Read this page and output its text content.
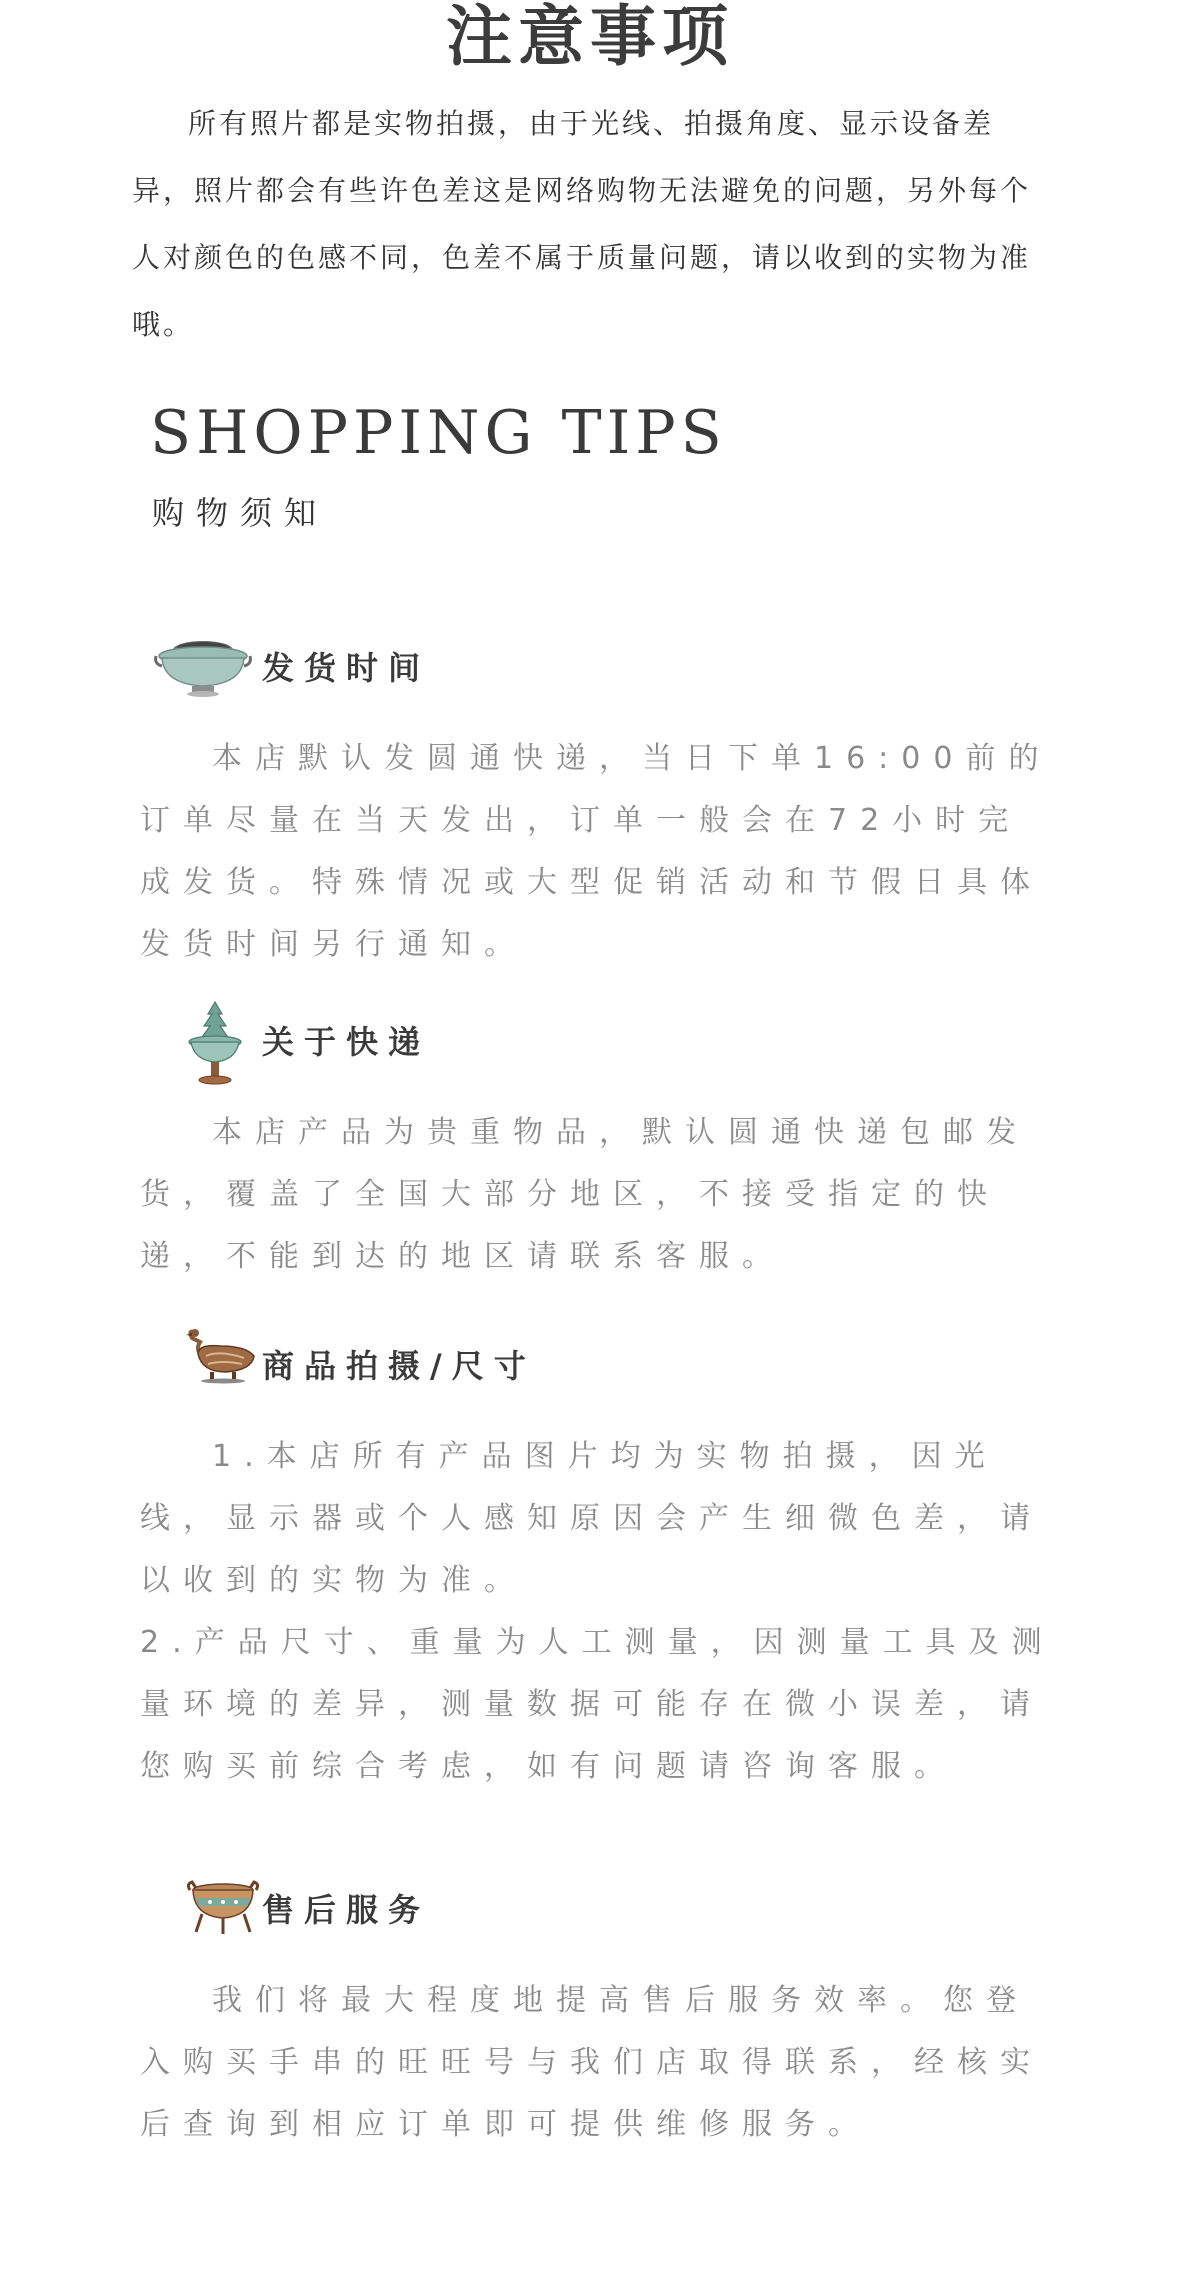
注意事项

所有照片都是实物拍摄，由于光线、拍摄角度、显示设备差异，照片都会有些许色差这是网络购物无法避免的问题，另外每个人对颜色的色感不同，色差不属于质量问题，请以收到的实物为准哦。

SHOPPING TIPS
购物须知
发货时间

本店默认发圆通快递，当日下单16:00前的订单尽量在当天发出，订单一般会在72小时完成发货。特殊情况或大型促销活动和节假日具体发货时间另行通知。

关于快递

本店产品为贵重物品，默认圆通快递包邮发货，覆盖了全国大部分地区，不接受指定的快递，不能到达的地区请联系客服。

商品拍摄/尺寸

1.本店所有产品图片均为实物拍摄，因光线，显示器或个人感知原因会产生细微色差，请以收到的实物为准。

2.产品尺寸、重量为人工测量，因测量工具及测量环境的差异，测量数据可能存在微小误差，请您购买前综合考虑，如有问题请咨询客服。

售后服务

我们将最大程度地提高售后服务效率。您登入购买手串的旺旺号与我们店取得联系，经核实后查询到相应订单即可提供维修服务。
